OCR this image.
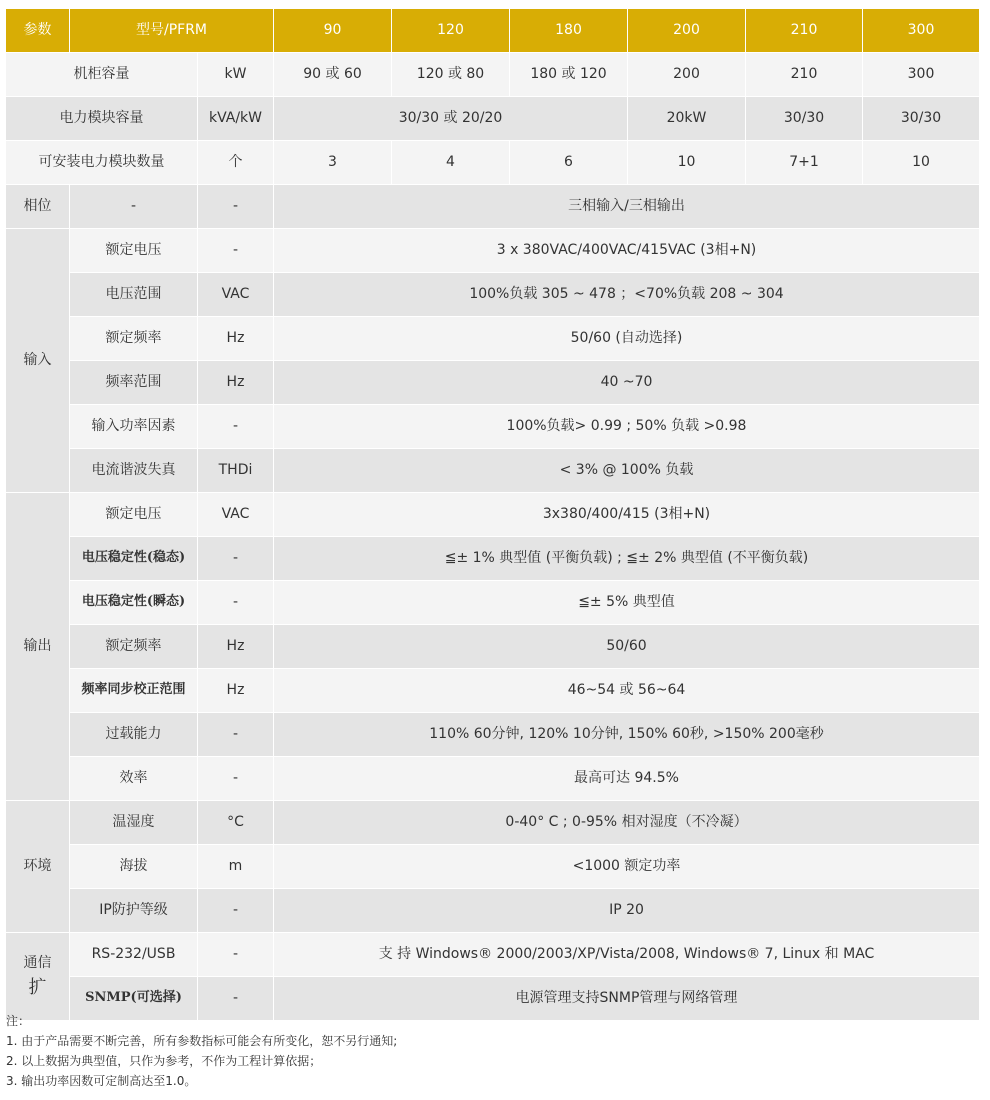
参数	型号/PFRM		90	120	180	200	210	300
机柜容量		kW	90 或 60	120 或 80	180 或 120	200	210	300
电力模块容量		kVA/kW	30/30 或 20/20			20kW	30/30	30/30
可安装电力模块数量		个	3	4	6	10	7+1	10
相位	-	-	三相输入/三相输出					
输入	额定电压	-	3 x 380VAC/400VAC/415VAC (3相+N)					
	电压范围	VAC	100%负载 305 ~ 478 ；<70%负载 208 ~ 304					
	额定频率	Hz	50/60 (自动选择)					
	频率范围	Hz	40 ~70					
	输入功率因素	-	100%负载> 0.99 ; 50% 负载 >0.98					
	电流谐波失真	THDi	< 3% @ 100% 负载					
输出	额定电压	VAC	3x380/400/415 (3相+N)					
	电压稳定性(稳态)	-	≦± 1% 典型值 (平衡负载) ; ≦± 2% 典型值 (不平衡负载)					
	电压稳定性(瞬态)	-	≦± 5% 典型值					
	额定频率	Hz	50/60					
	频率同步校正范围	Hz	46~54 或 56~64					
	过载能力	-	110% 60分钟, 120% 10分钟, 150% 60秒, >150% 200毫秒					
	效率	-	最高可达 94.5%					
环境	温湿度	°C	0-40° C ; 0-95% 相对湿度（不冷凝）					
	海拔	m	<1000 额定功率					
	IP防护等级	-	IP 20					
通信
扩	RS-232/USB	-	支 持 Windows® 2000/2003/XP/Vista/2008, Windows® 7, Linux 和 MAC					
	SNMP(可选择)	-	电源管理支持SNMP管理与网络管理					
注：
1. 由于产品需要不断完善，所有参数指标可能会有所变化，恕不另行通知;
2. 以上数据为典型值，只作为参考，不作为工程计算依据；
3. 输出功率因数可定制高达至1.0。
